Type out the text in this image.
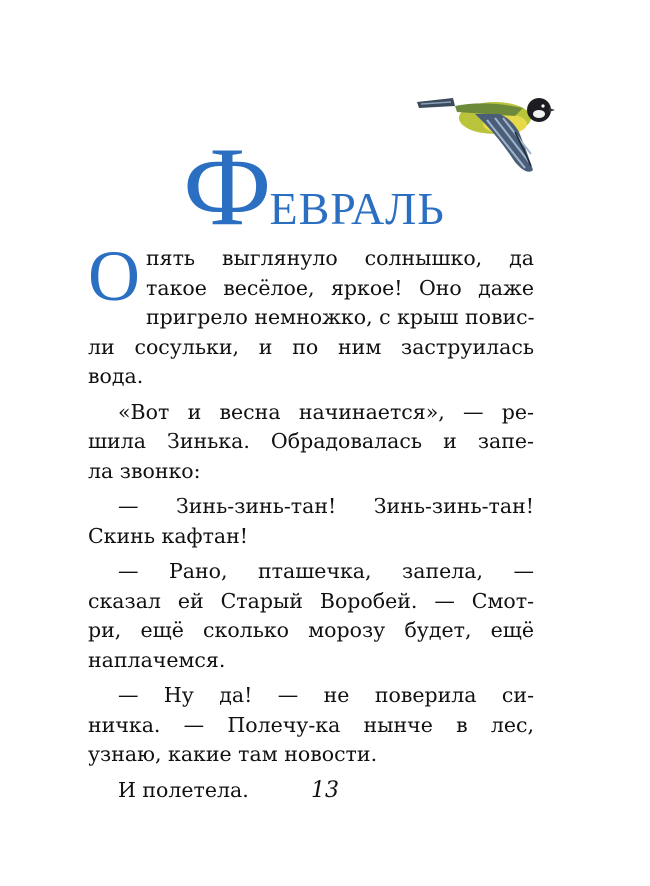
ФЕВРАЛЬ
О пять выглянуло солнышко, да
такое весёлое, яркое! Оно даже
пригрело немножко, с крыш повис-
ли сосульки, и по ним заструилась
вода.
«Вот и весна начинается», — ре-
шила Зинька. Обрадовалась и запе-
ла звонко:
— Зинь-зинь-тан! Зинь-зинь-тан!
Скинь кафтан!
— Рано, пташечка, запела, —
сказал ей Старый Воробей. — Смот-
ри, ещё сколько морозу будет, ещё
наплачемся.
— Ну да! — не поверила си-
ничка. — Полечу-ка нынче в лес,
узнаю, какие там новости.
И полетела.	13
